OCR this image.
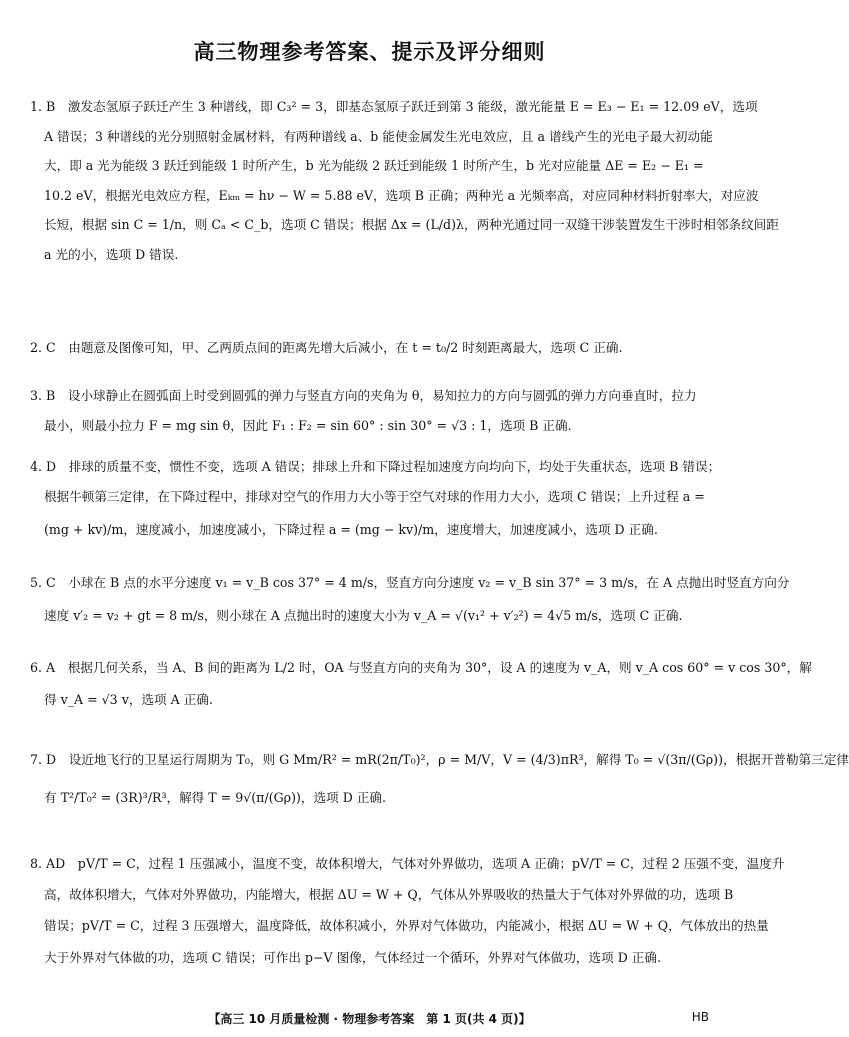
高三物理参考答案、提示及评分细则
1. B　激发态氢原子跃迁产生 3 种谱线，即 C₃² = 3，即基态氢原子跃迁到第 3 能级，激光能量 E = E₃ − E₁ = 12.09 eV，选项
A 错误；3 种谱线的光分别照射金属材料，有两种谱线 a、b 能使金属发生光电效应，且 a 谱线产生的光电子最大初动能
大，即 a 光为能级 3 跃迁到能级 1 时所产生，b 光为能级 2 跃迁到能级 1 时所产生，b 光对应能量 ΔE = E₂ − E₁ =
10.2 eV，根据光电效应方程，Eₖₘ = hν − W = 5.88 eV，选项 B 正确；两种光 a 光频率高，对应同种材料折射率大，对应波
长短，根据 sin C = 1/n，则 Cₐ < C_b，选项 C 错误；根据 Δx = (L/d)λ，两种光通过同一双缝干涉装置发生干涉时相邻条纹间距
a 光的小，选项 D 错误.
2. C　由题意及图像可知，甲、乙两质点间的距离先增大后减小，在 t = t₀/2 时刻距离最大，选项 C 正确.
3. B　设小球静止在圆弧面上时受到圆弧的弹力与竖直方向的夹角为 θ，易知拉力的方向与圆弧的弹力方向垂直时，拉力
最小，则最小拉力 F = mg sin θ，因此 F₁ : F₂ = sin 60° : sin 30° = √3 : 1，选项 B 正确.
4. D　排球的质量不变，惯性不变，选项 A 错误；排球上升和下降过程加速度方向均向下，均处于失重状态，选项 B 错误；
根据牛顿第三定律，在下降过程中，排球对空气的作用力大小等于空气对球的作用力大小，选项 C 错误；上升过程 a =
(mg + kv)/m，速度减小，加速度减小，下降过程 a = (mg − kv)/m，速度增大，加速度减小，选项 D 正确.
5. C　小球在 B 点的水平分速度 v₁ = v_B cos 37° = 4 m/s，竖直方向分速度 v₂ = v_B sin 37° = 3 m/s，在 A 点抛出时竖直方向分
速度 v′₂ = v₂ + gt = 8 m/s，则小球在 A 点抛出时的速度大小为 v_A = √(v₁² + v′₂²) = 4√5 m/s，选项 C 正确.
6. A　根据几何关系，当 A、B 间的距离为 L/2 时，OA 与竖直方向的夹角为 30°，设 A 的速度为 v_A，则 v_A cos 60° = v cos 30°，解
得 v_A = √3 v，选项 A 正确.
7. D　设近地飞行的卫星运行周期为 T₀，则 G Mm/R² = mR(2π/T₀)²，ρ = M/V，V = (4/3)πR³，解得 T₀ = √(3π/(Gρ))，根据开普勒第三定律
有 T²/T₀² = (3R)³/R³，解得 T = 9√(π/(Gρ))，选项 D 正确.
8. AD　pV/T = C，过程 1 压强减小，温度不变，故体积增大，气体对外界做功，选项 A 正确；pV/T = C，过程 2 压强不变，温度升
高，故体积增大，气体对外界做功，内能增大，根据 ΔU = W + Q，气体从外界吸收的热量大于气体对外界做的功，选项 B
错误；pV/T = C，过程 3 压强增大，温度降低，故体积减小，外界对气体做功，内能减小，根据 ΔU = W + Q，气体放出的热量
大于外界对气体做的功，选项 C 错误；可作出 p−V 图像，气体经过一个循环，外界对气体做功，选项 D 正确.
【高三 10 月质量检测 · 物理参考答案　第 1 页(共 4 页)】	HB
